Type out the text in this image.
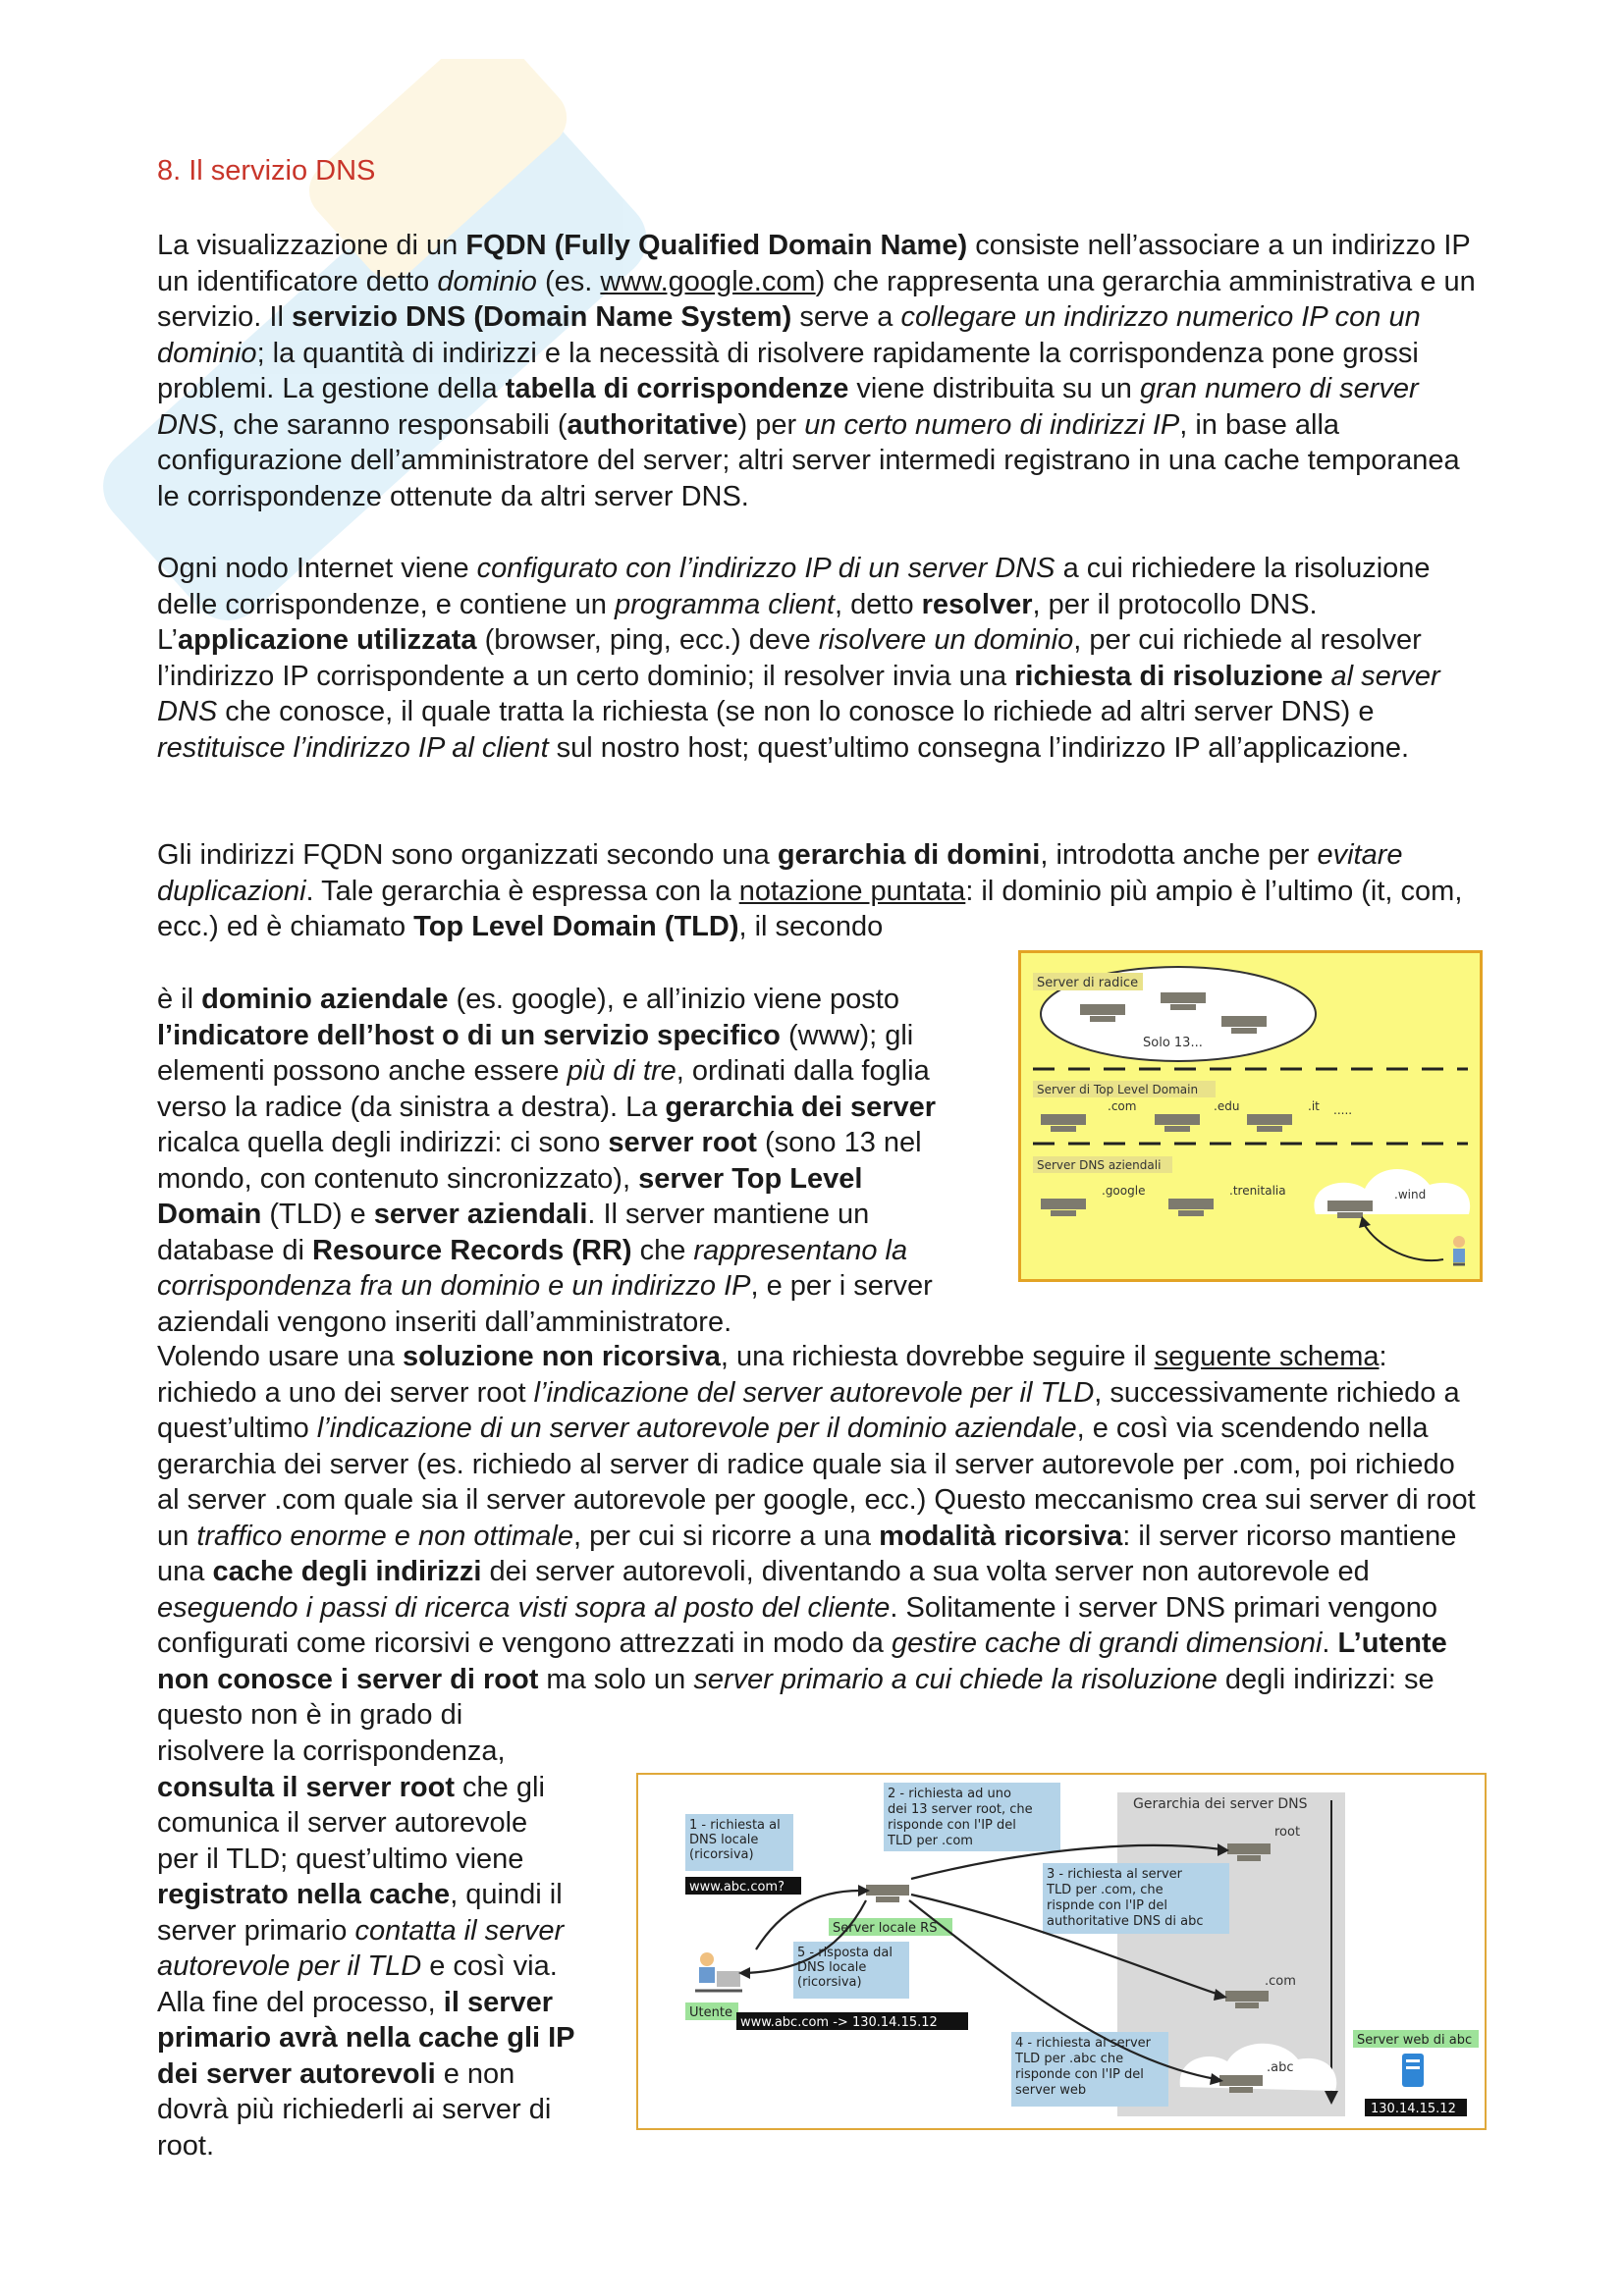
8. Il servizio DNS

La visualizzazione di un FQDN (Fully Qualified Domain Name) consiste nell’associare a un indirizzo IP un identificatore detto dominio (es. www.google.com) che rappresenta una gerarchia amministrativa e un servizio. Il servizio DNS (Domain Name System) serve a collegare un indirizzo numerico IP con un dominio; la quantità di indirizzi e la necessità di risolvere rapidamente la corrispondenza pone grossi problemi. La gestione della tabella di corrispondenze viene distribuita su un gran numero di server DNS, che saranno responsabili (authoritative) per un certo numero di indirizzi IP, in base alla configurazione dell’amministratore del server; altri server intermedi registrano in una cache temporanea le corrispondenze ottenute da altri server DNS.

Ogni nodo Internet viene configurato con l’indirizzo IP di un server DNS a cui richiedere la risoluzione delle corrispondenze, e contiene un programma client, detto resolver, per il protocollo DNS. L’applicazione utilizzata (browser, ping, ecc.) deve risolvere un dominio, per cui richiede al resolver l’indirizzo IP corrispondente a un certo dominio; il resolver invia una richiesta di risoluzione al server DNS che conosce, il quale tratta la richiesta (se non lo conosce lo richiede ad altri server DNS) e restituisce l’indirizzo IP al client sul nostro host; quest’ultimo consegna l’indirizzo IP all’applicazione.

Gli indirizzi FQDN sono organizzati secondo una gerarchia di domini, introdotta anche per evitare duplicazioni. Tale gerarchia è espressa con la notazione puntata: il dominio più ampio è l’ultimo (it, com, ecc.) ed è chiamato Top Level Domain (TLD), il secondo

è il dominio aziendale (es. google), e all’inizio viene posto
l’indicatore dell’host o di un servizio specifico (www); gli
elementi possono anche essere più di tre, ordinati dalla foglia
verso la radice (da sinistra a destra). La gerarchia dei server
ricalca quella degli indirizzi: ci sono server root (sono 13 nel
mondo, con contenuto sincronizzato), server Top Level
Domain (TLD) e server aziendali. Il server mantiene un
database di Resource Records (RR) che rappresentano la
corrispondenza fra un dominio e un indirizzo IP, e per i server
aziendali vengono inseriti dall’amministratore.

Volendo usare una soluzione non ricorsiva, una richiesta dovrebbe seguire il seguente schema: richiedo a uno dei server root l’indicazione del server autorevole per il TLD, successivamente richiedo a quest’ultimo l’indicazione di un server autorevole per il dominio aziendale, e così via scendendo nella gerarchia dei server (es. richiedo al server di radice quale sia il server autorevole per .com, poi richiedo al server .com quale sia il server autorevole per google, ecc.) Questo meccanismo crea sui server di root un traffico enorme e non ottimale, per cui si ricorre a una modalità ricorsiva: il server ricorso mantiene una cache degli indirizzi dei server autorevoli, diventando a sua volta server non autorevole ed eseguendo i passi di ricerca visti sopra al posto del cliente. Solitamente i server DNS primari vengono configurati come ricorsivi e vengono attrezzati in modo da gestire cache di grandi dimensioni. L’utente non conosce i server di root ma solo un server primario a cui chiede la risoluzione degli indirizzi: se questo non è in grado di

risolvere la corrispondenza,
consulta il server root che gli
comunica il server autorevole
per il TLD; quest’ultimo viene
registrato nella cache, quindi il
server primario contatta il server
autorevole per il TLD e così via.
Alla fine del processo, il server
primario avrà nella cache gli IP
dei server autorevoli e non
dovrà più richiederli ai server di
root.
Server di radice
Solo 13...
Server di Top Level Domain
.com	.edu	.it .....
Server DNS aziendali
.google	.trenitalia	.wind
Gerarchia dei server DNS
root
.com
.abc
1 - richiesta al
DNS locale
(ricorsiva)
www.abc.com?
2 - richiesta ad uno
dei 13 server root, che
risponde con l'IP del
TLD per .com
3 - richiesta al server
TLD per .com, che
rispnde con l'IP del
authoritative DNS di abc
Server locale RS
5 - risposta dal
DNS locale
(ricorsiva)
Utente
www.abc.com -> 130.14.15.12
4 - richiesta al server
TLD per .abc che
risponde con l'IP del
server web
Server web di abc
130.14.15.12
